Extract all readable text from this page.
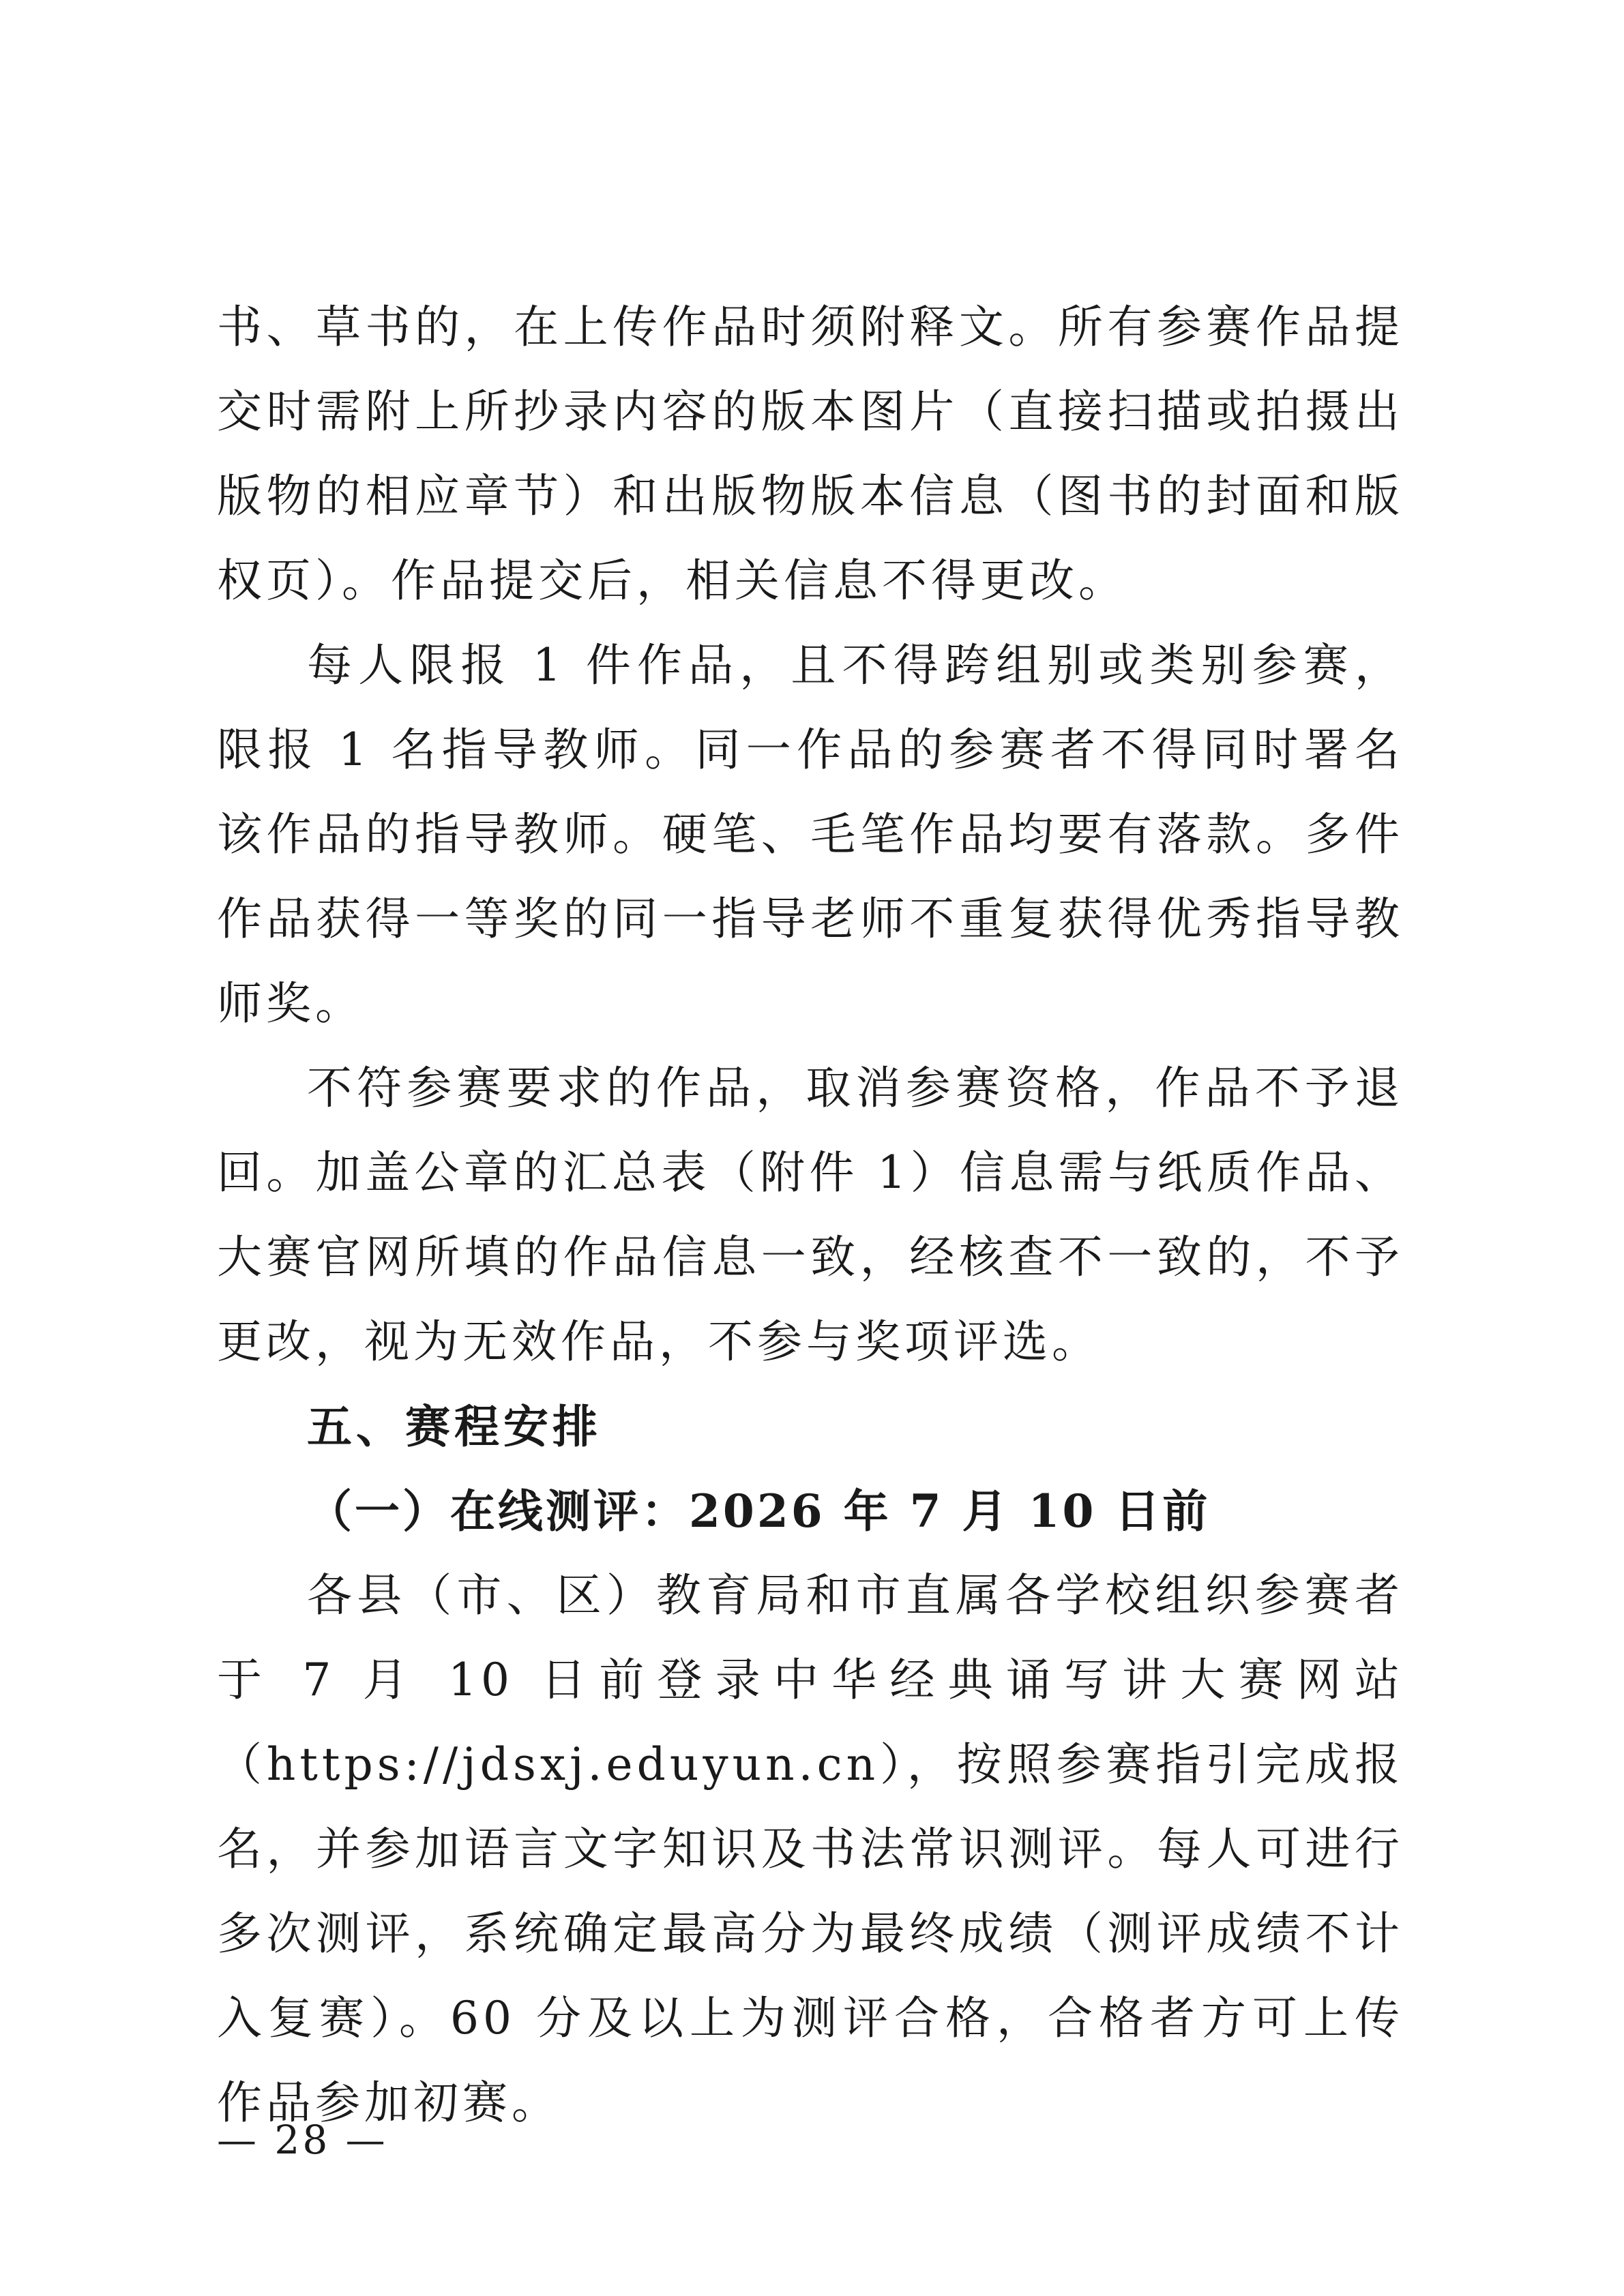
书、草书的，在上传作品时须附释文。所有参赛作品提交时需附上所抄录内容的版本图片（直接扫描或拍摄出版物的相应章节）和出版物版本信息（图书的封面和版权页）。作品提交后，相关信息不得更改。

每人限报 1 件作品，且不得跨组别或类别参赛，限报 1 名指导教师。同一作品的参赛者不得同时署名该作品的指导教师。硬笔、毛笔作品均要有落款。多件作品获得一等奖的同一指导老师不重复获得优秀指导教师奖。

不符参赛要求的作品，取消参赛资格，作品不予退回。加盖公章的汇总表（附件 1）信息需与纸质作品、大赛官网所填的作品信息一致，经核查不一致的，不予更改，视为无效作品，不参与奖项评选。

五、赛程安排

（一）在线测评：2026 年 7 月 10 日前

各县（市、区）教育局和市直属各学校组织参赛者于 7 月 10 日前登录中华经典诵写讲大赛网站（https://jdsxj.eduyun.cn），按照参赛指引完成报名，并参加语言文字知识及书法常识测评。每人可进行多次测评，系统确定最高分为最终成绩（测评成绩不计入复赛）。60 分及以上为测评合格，合格者方可上传作品参加初赛。

— 28 —
